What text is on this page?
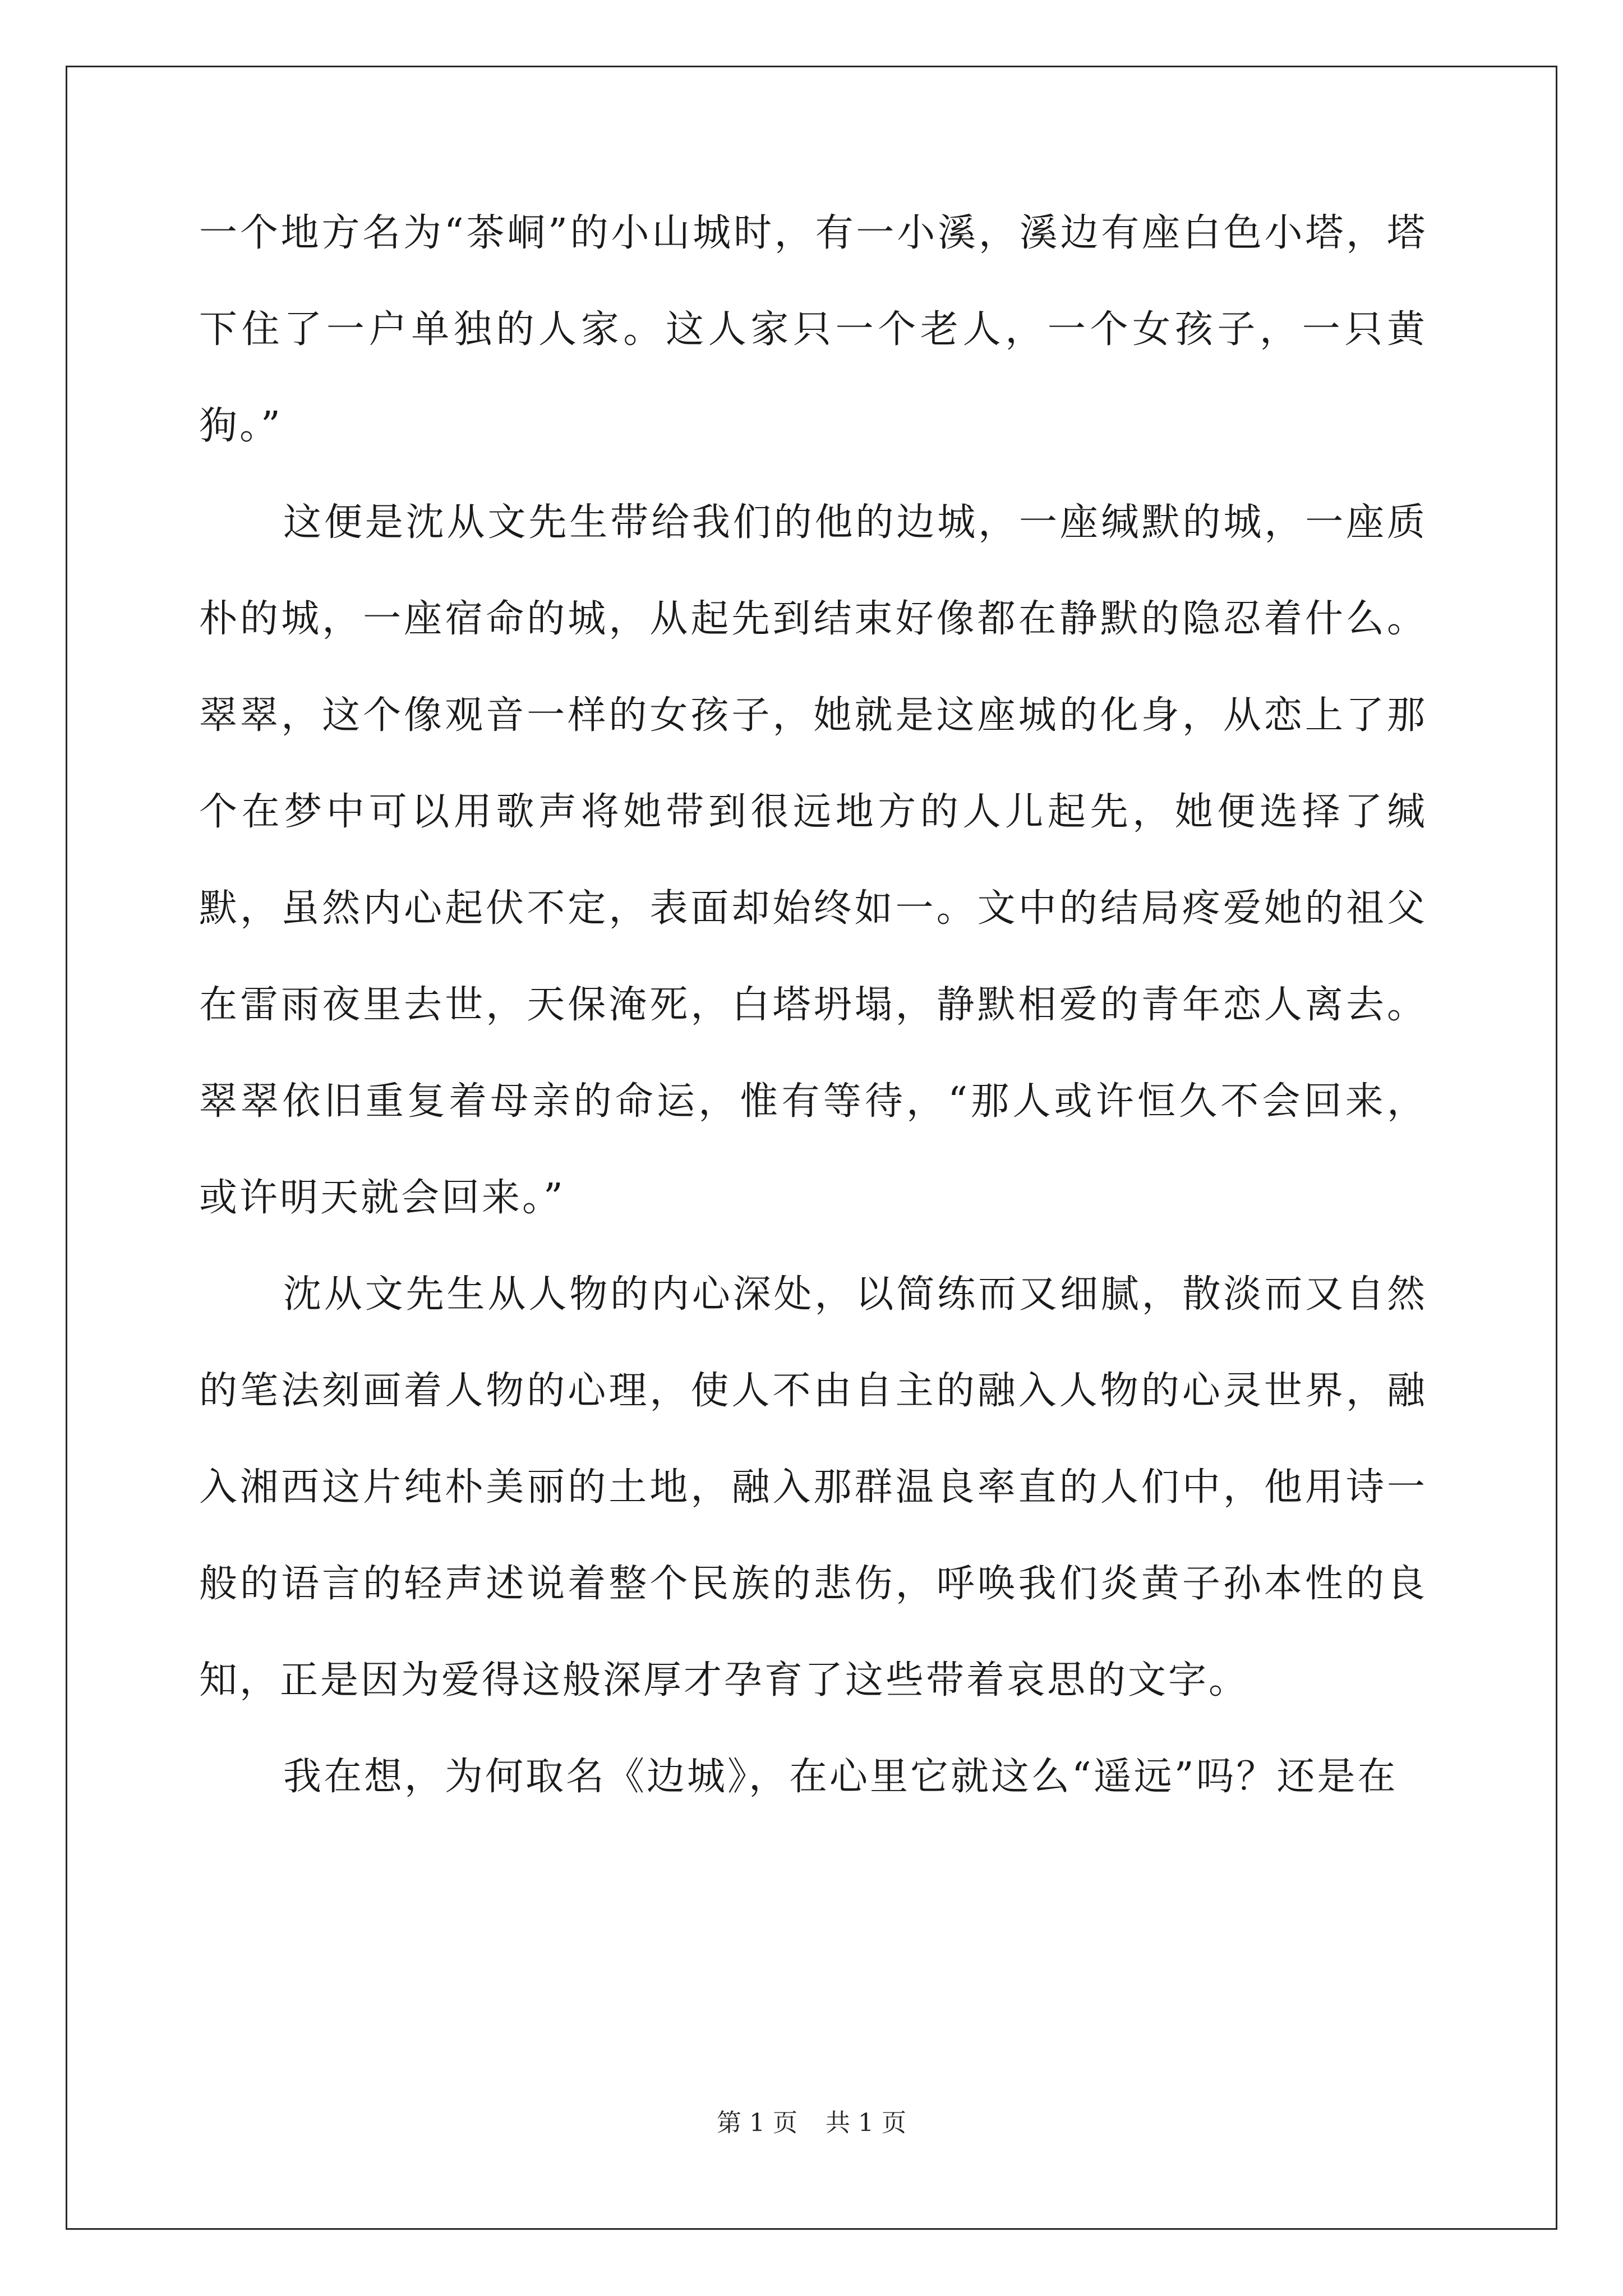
一个地方名为“茶峒”的小山城时，有一小溪，溪边有座白色小塔，塔下住了一户单独的人家。这人家只一个老人，一个女孩子，一只黄狗。”

这便是沈从文先生带给我们的他的边城，一座缄默的城，一座质朴的城，一座宿命的城，从起先到结束好像都在静默的隐忍着什么。翠翠，这个像观音一样的女孩子，她就是这座城的化身，从恋上了那个在梦中可以用歌声将她带到很远地方的人儿起先，她便选择了缄默，虽然内心起伏不定，表面却始终如一。文中的结局疼爱她的祖父在雷雨夜里去世，天保淹死，白塔坍塌，静默相爱的青年恋人离去。翠翠依旧重复着母亲的命运，惟有等待，“那人或许恒久不会回来，或许明天就会回来。”

沈从文先生从人物的内心深处，以简练而又细腻，散淡而又自然的笔法刻画着人物的心理，使人不由自主的融入人物的心灵世界，融入湘西这片纯朴美丽的土地，融入那群温良率直的人们中，他用诗一般的语言的轻声述说着整个民族的悲伤，呼唤我们炎黄子孙本性的良知，正是因为爱得这般深厚才孕育了这些带着哀思的文字。

我在想，为何取名《边城》，在心里它就这么“遥远”吗？还是在

第 1 页 共 1 页
